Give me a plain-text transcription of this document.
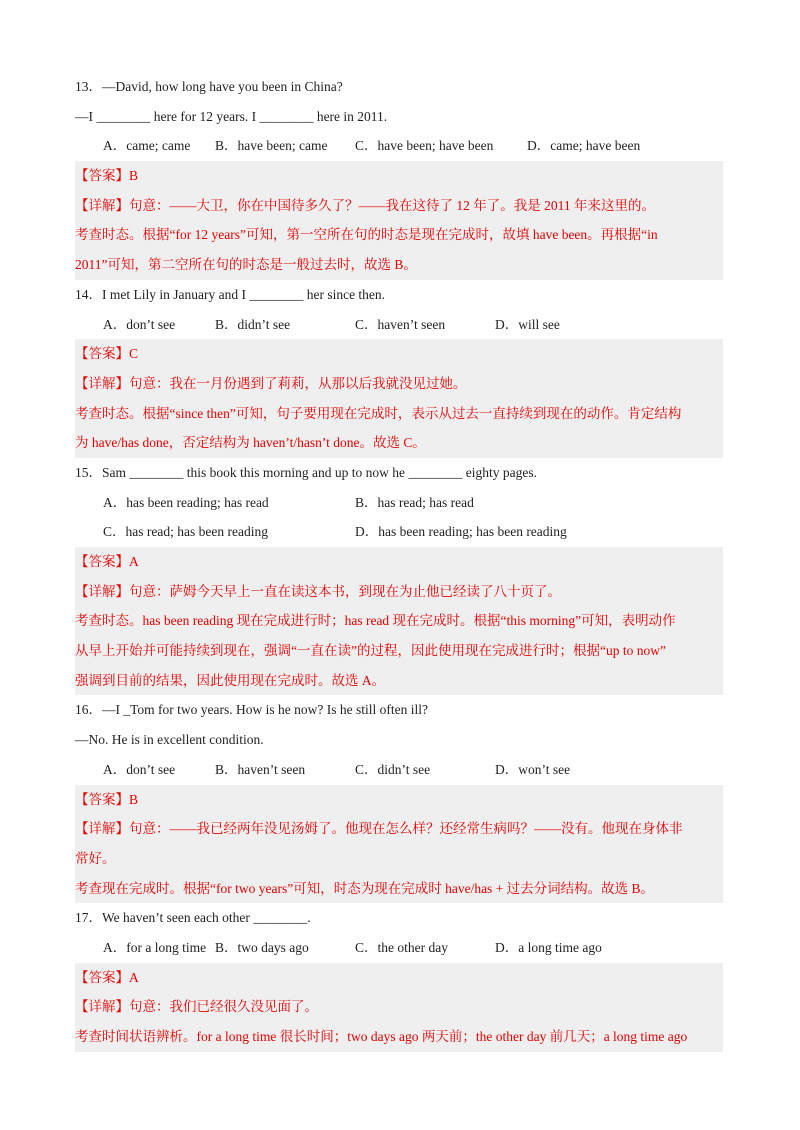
13．—David, how long have you been in China?
—I ________ here for 12 years. I ________ here in 2011.
A．came; came B．have been; came C．have been; have been D．came; have been
【答案】B
【详解】句意：——大卫，你在中国待多久了？——我在这待了 12 年了。我是 2011 年来这里的。
考查时态。根据“for 12 years”可知，第一空所在句的时态是现在完成时，故填 have been。再根据“in
2011”可知，第二空所在句的时态是一般过去时，故选 B。
14．I met Lily in January and I ________ her since then.
A．don’t see	B．didn’t see	C．haven’t seen	D．will see
【答案】C
【详解】句意：我在一月份遇到了莉莉，从那以后我就没见过她。
考查时态。根据“since then”可知，句子要用现在完成时，表示从过去一直持续到现在的动作。肯定结构
为 have/has done，否定结构为 haven’t/hasn’t done。故选 C。
15．Sam ________ this book this morning and up to now he ________ eighty pages.
A．has been reading; has read	B．has read; has read
C．has read; has been reading	D．has been reading; has been reading
【答案】A
【详解】句意：萨姆今天早上一直在读这本书，到现在为止他已经读了八十页了。
考查时态。has been reading 现在完成进行时；has read 现在完成时。根据“this morning”可知，表明动作
从早上开始并可能持续到现在，强调“一直在读”的过程，因此使用现在完成进行时；根据“up to now”
强调到目前的结果，因此使用现在完成时。故选 A。
16．—I _Tom for two years. How is he now? Is he still often ill?
—No. He is in excellent condition.
A．don’t see	B．haven’t seen	C．didn’t see	D．won’t see
【答案】B
【详解】句意：——我已经两年没见汤姆了。他现在怎么样？还经常生病吗？——没有。他现在身体非
常好。
考查现在完成时。根据“for two years”可知，时态为现在完成时 have/has + 过去分词结构。故选 B。
17．We haven’t seen each other ________.
A．for a long time B．two days ago	C．the other day	D．a long time ago
【答案】A
【详解】句意：我们已经很久没见面了。
考查时间状语辨析。for a long time 很长时间；two days ago 两天前；the other day 前几天；a long time ago
